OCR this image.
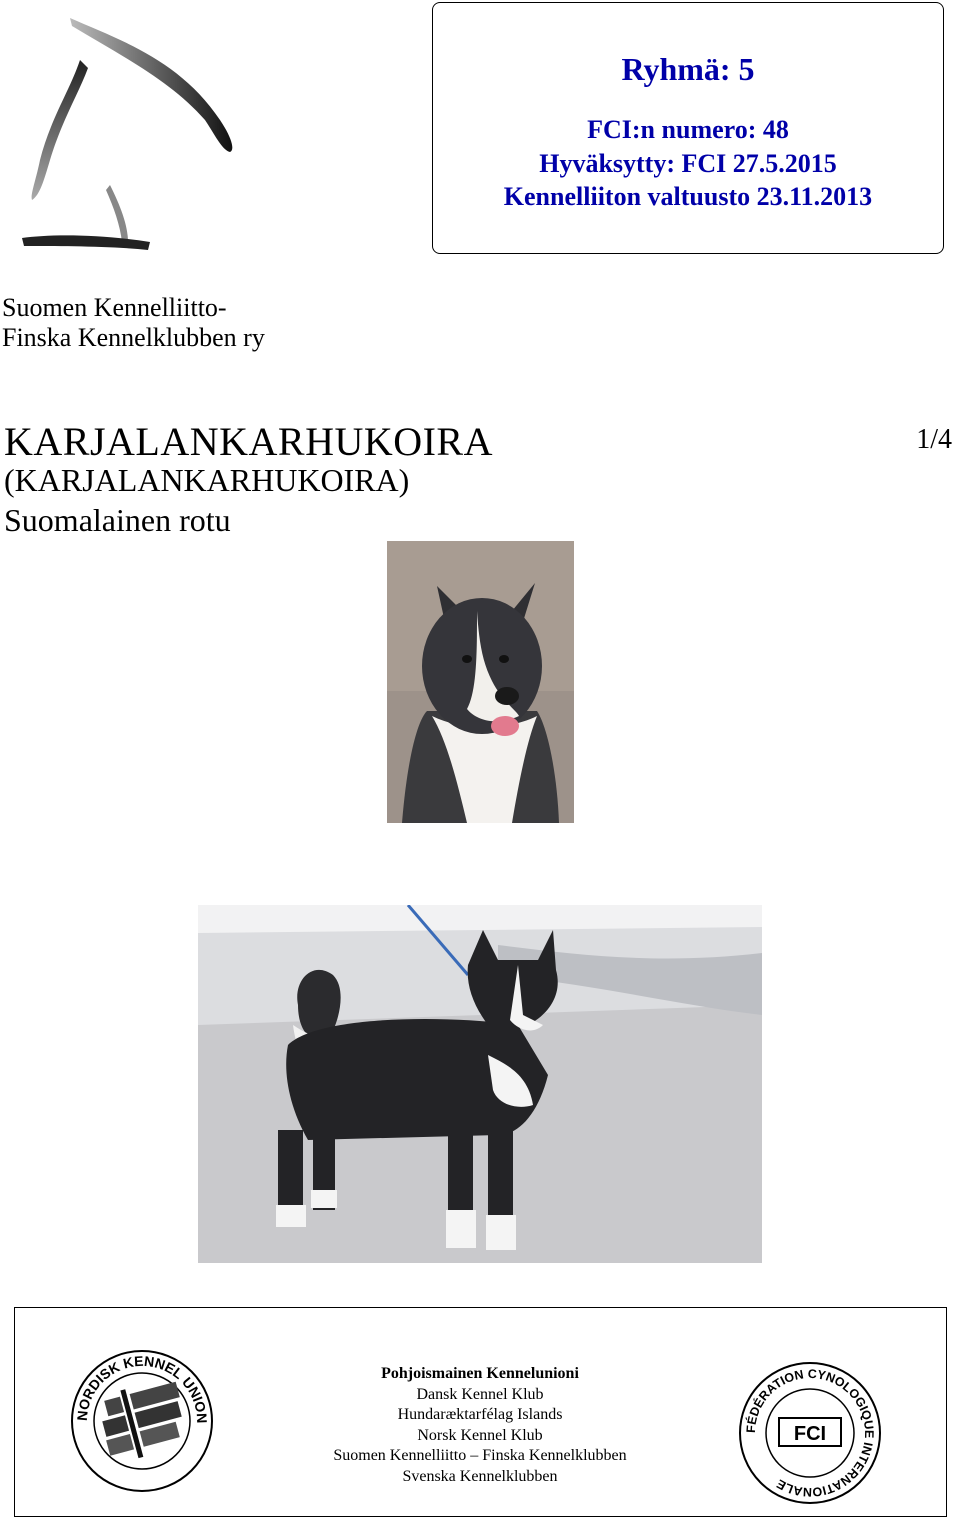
Ryhmä: 5
FCI:n numero: 48
Hyväksytty: FCI 27.5.2015
Kennelliiton valtuusto 23.11.2013
Suomen Kennelliitto-
Finska Kennelklubben ry
KARJALANKARHUKOIRA	1/4
(KARJALANKARHUKOIRA)
Suomalainen rotu
NORDISK KENNEL UNION
Pohjoismainen Kennelunioni
Dansk Kennel Klub
Hundaræktarfélag Islands
Norsk Kennel Klub
Suomen Kennelliitto – Finska Kennelklubben
Svenska Kennelklubben
FÉDÉRATION CYNOLOGIQUE INTERNATIONALE
FCI
